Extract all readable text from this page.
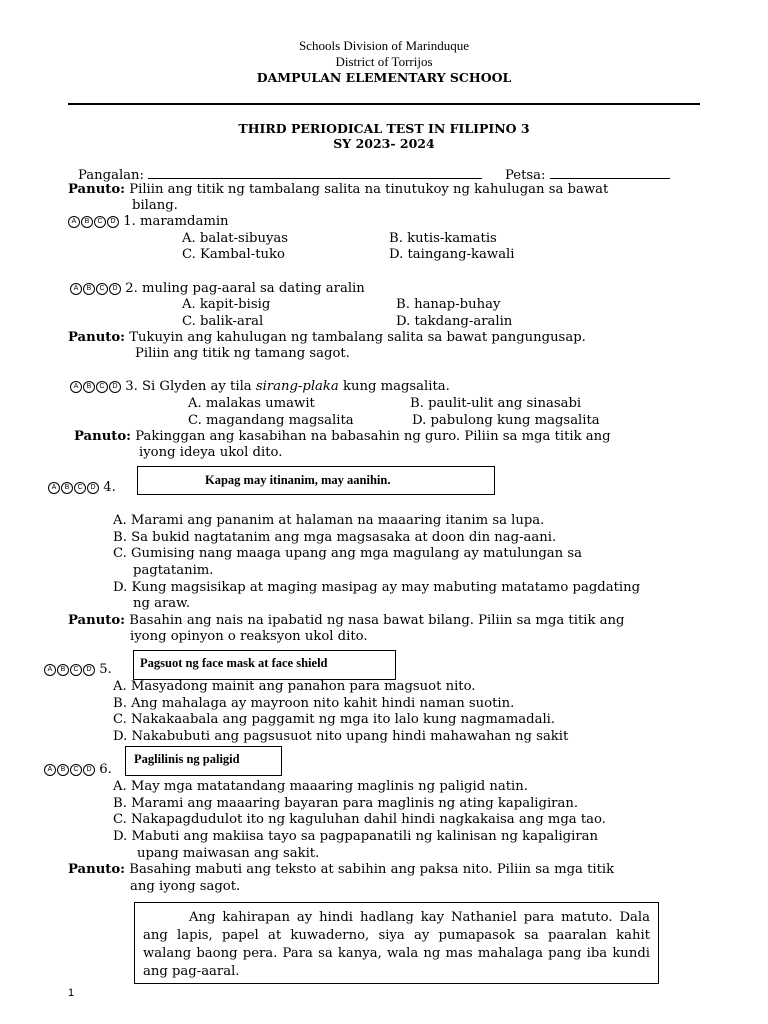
Schools Division of Marinduque
District of Torrijos
DAMPULAN ELEMENTARY SCHOOL
THIRD PERIODICAL TEST IN FILIPINO 3
SY 2023- 2024
Pangalan:	Petsa:
Panuto: Piliin ang titik ng tambalang salita na tinutukoy ng kahulugan sa bawat
bilang.
A	B	C	D 1. maramdamin
A. balat-sibuyas	B. kutis-kamatis
C. Kambal-tuko	D. taingang-kawali
A	B	C	D 2. muling pag-aaral sa dating aralin
A. kapit-bisig	B. hanap-buhay
C. balik-aral	D. takdang-aralin
Panuto: Tukuyin ang kahulugan ng tambalang salita sa bawat pangungusap.
Piliin ang titik ng tamang sagot.
A	B	C	D 3. Si Glyden ay tila sirang-plaka kung magsalita.
A. malakas umawit	B. paulit-ulit ang sinasabi
C. magandang magsalita	D. pabulong kung magsalita
Panuto: Pakinggan ang kasabihan na babasahin ng guro. Piliin sa mga titik ang
iyong ideya ukol dito.
A	B	C	D 4.	Kapag may itinanim, may aanihin.
A. Marami ang pananim at halaman na maaaring itanim sa lupa.
B. Sa bukid nagtatanim ang mga magsasaka at doon din nag-aani.
C. Gumising nang maaga upang ang mga magulang ay matulungan sa
pagtatanim.
D. Kung magsisikap at maging masipag ay may mabuting matatamo pagdating
ng araw.
Panuto: Basahin ang nais na ipabatid ng nasa bawat bilang. Piliin sa mga titik ang
iyong opinyon o reaksyon ukol dito.
A	B	C	D 5. Pagsuot ng face mask at face shield
A. Masyadong mainit ang panahon para magsuot nito.
B. Ang mahalaga ay mayroon nito kahit hindi naman suotin.
C. Nakakaabala ang paggamit ng mga ito lalo kung nagmamadali.
D. Nakabubuti ang pagsusuot nito upang hindi mahawahan ng sakit
A	B	C	D 6.
Paglilinis ng paligid
A. May mga matatandang maaaring maglinis ng paligid natin.
B. Marami ang maaaring bayaran para maglinis ng ating kapaligiran.
C. Nakapagdudulot ito ng kaguluhan dahil hindi nagkakaisa ang mga tao.
D. Mabuti ang makiisa tayo sa pagpapanatili ng kalinisan ng kapaligiran
upang maiwasan ang sakit.
Panuto: Basahing mabuti ang teksto at sabihin ang paksa nito. Piliin sa mga titik
ang iyong sagot.
Ang kahirapan ay hindi hadlang kay Nathaniel para matuto. Dala ang lapis, papel at kuwaderno, siya ay pumapasok sa paaralan kahit walang baong pera. Para sa kanya, wala ng mas mahalaga pang iba kundi ang pag-aaral.
1
